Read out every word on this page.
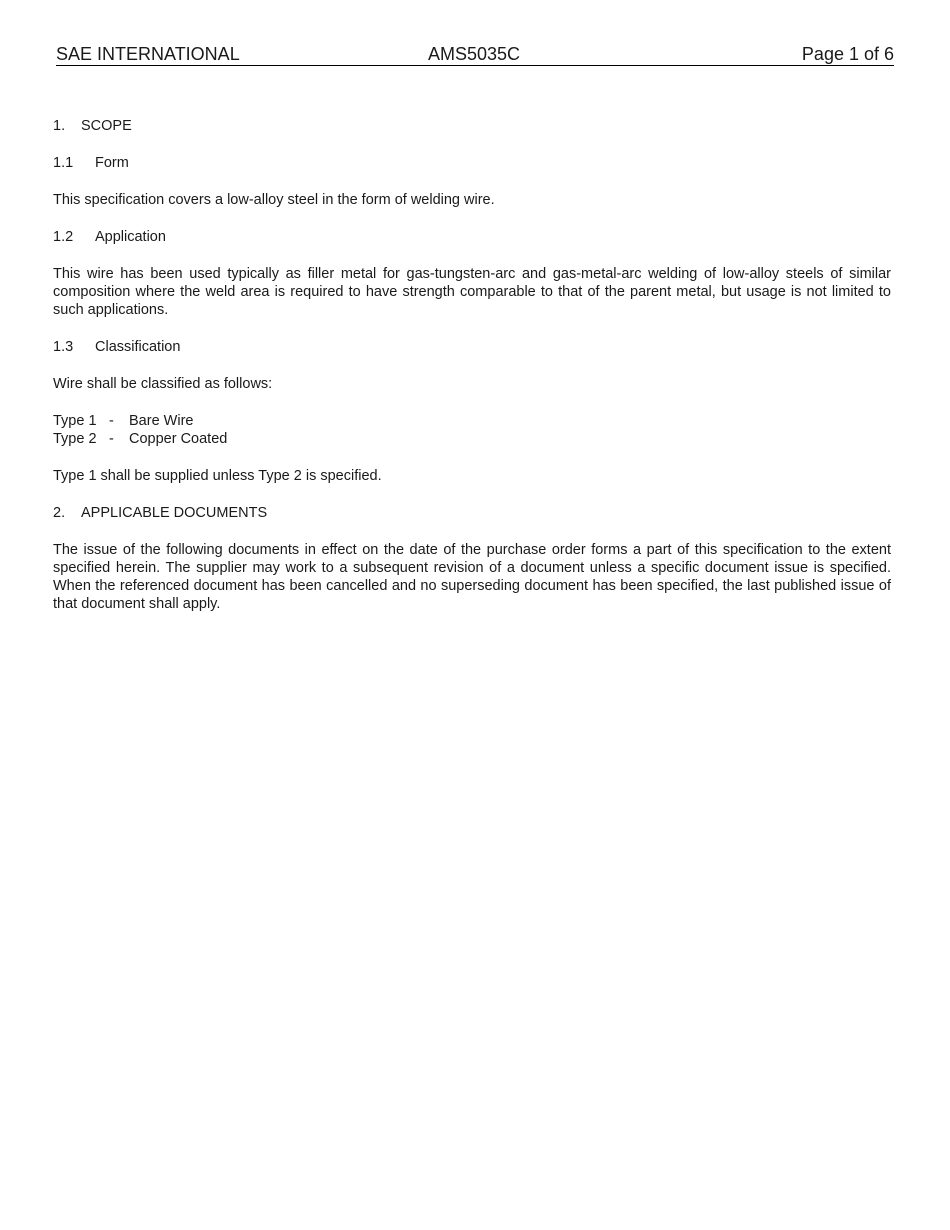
SAE INTERNATIONAL	AMS5035C	Page 1 of 6
1. SCOPE
1.1 Form

This specification covers a low-alloy steel in the form of welding wire.

1.2 Application

This wire has been used typically as filler metal for gas-tungsten-arc and gas-metal-arc welding of low-alloy steels of similar composition where the weld area is required to have strength comparable to that of the parent metal, but usage is not limited to such applications.

1.3 Classification

Wire shall be classified as follows:

Type 1 - Bare Wire
Type 2 - Copper Coated

Type 1 shall be supplied unless Type 2 is specified.

2. APPLICABLE DOCUMENTS

The issue of the following documents in effect on the date of the purchase order forms a part of this specification to the extent specified herein. The supplier may work to a subsequent revision of a document unless a specific document issue is specified. When the referenced document has been cancelled and no superseding document has been specified, the last published issue of that document shall apply.
